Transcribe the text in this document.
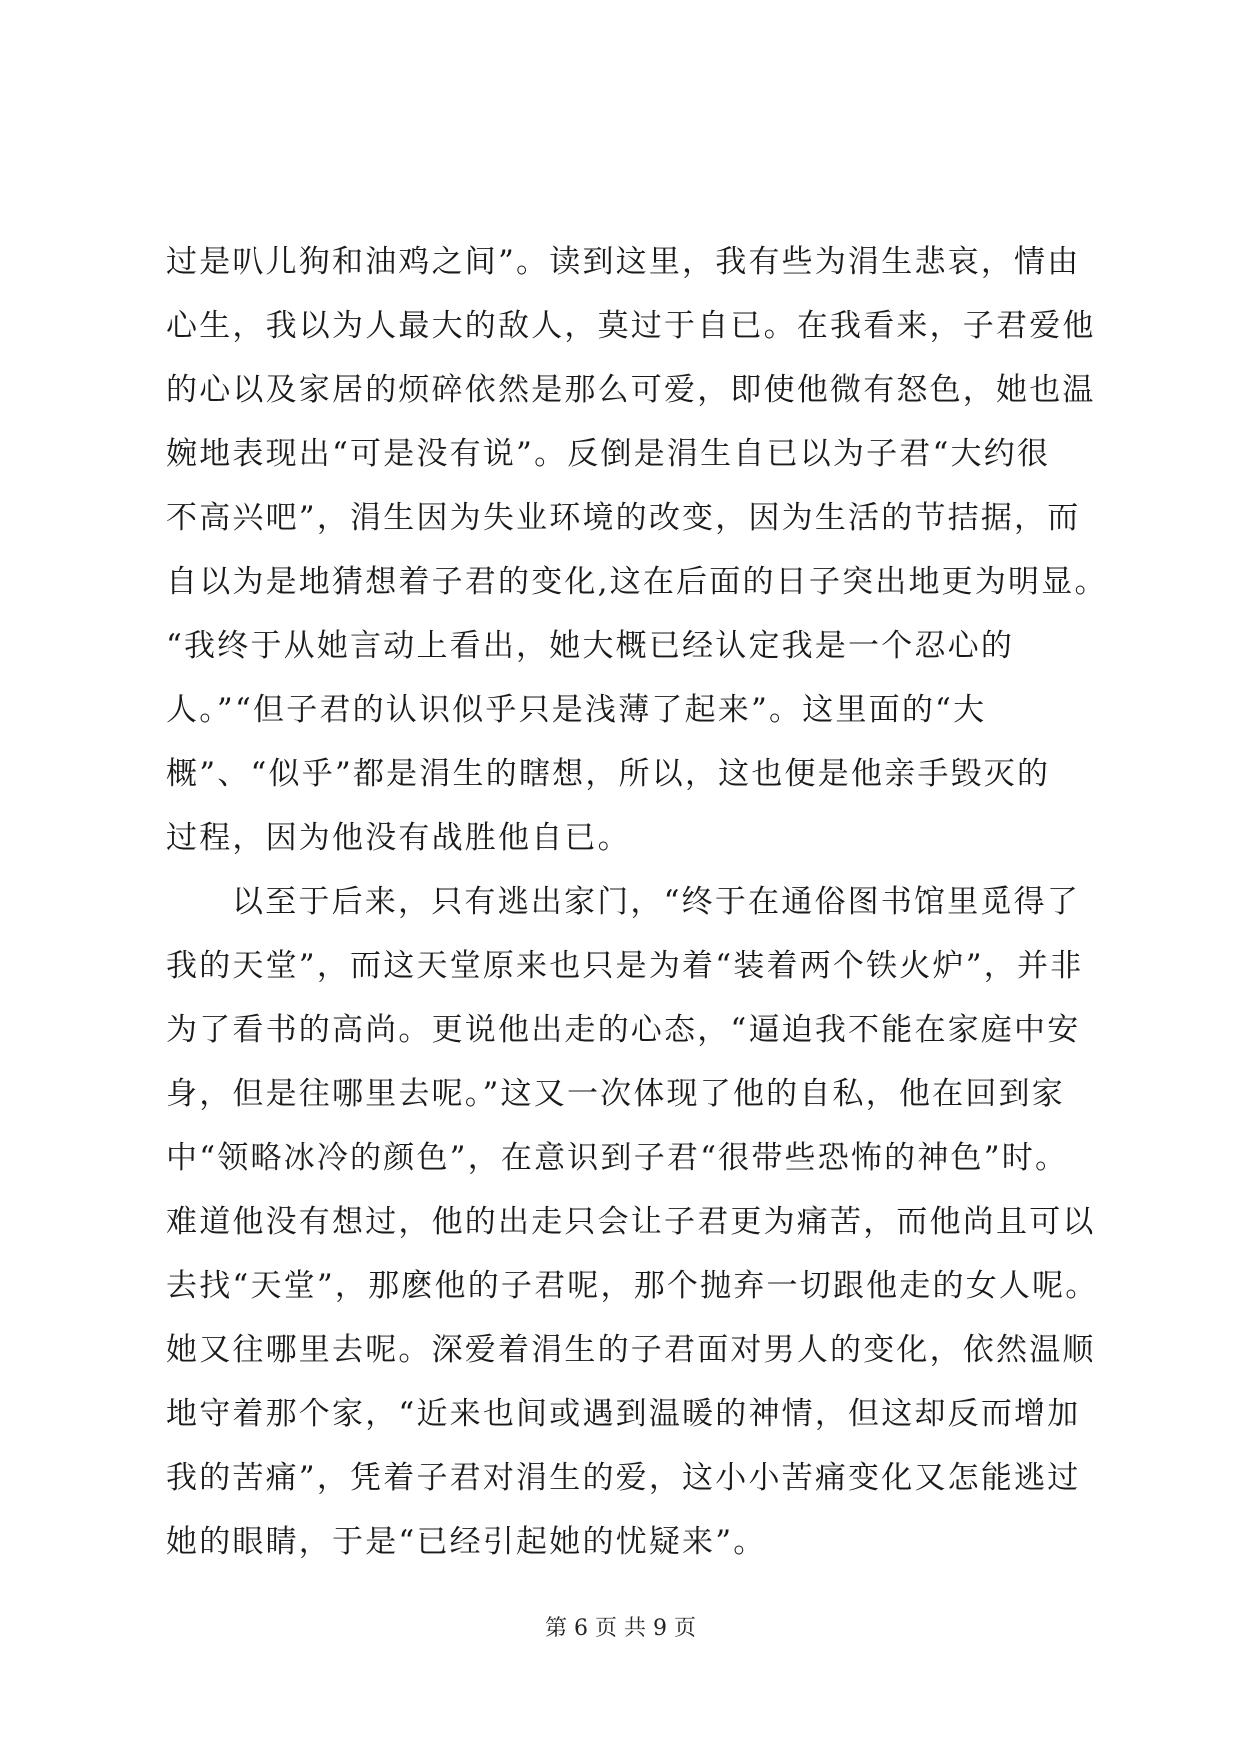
过是叭儿狗和油鸡之间”。读到这里，我有些为涓生悲哀，情由
心生，我以为人最大的敌人，莫过于自已。在我看来，子君爱他
的心以及家居的烦碎依然是那么可爱，即使他微有怒色，她也温
婉地表现出“可是没有说”。反倒是涓生自已以为子君“大约很
不高兴吧”，涓生因为失业环境的改变，因为生活的节拮据，而
自以为是地猜想着子君的变化,这在后面的日子突出地更为明显。
“我终于从她言动上看出，她大概已经认定我是一个忍心的
人。”“但子君的认识似乎只是浅薄了起来”。这里面的“大
概”、“似乎”都是涓生的瞎想，所以，这也便是他亲手毁灭的
过程，因为他没有战胜他自已。
以至于后来，只有逃出家门，“终于在通俗图书馆里觅得了
我的天堂”，而这天堂原来也只是为着“装着两个铁火炉”，并非
为了看书的高尚。更说他出走的心态，“逼迫我不能在家庭中安
身，但是往哪里去呢。”这又一次体现了他的自私，他在回到家
中“领略冰冷的颜色”，在意识到子君“很带些恐怖的神色”时。
难道他没有想过，他的出走只会让子君更为痛苦，而他尚且可以
去找“天堂”，那麽他的子君呢，那个抛弃一切跟他走的女人呢。
她又往哪里去呢。深爱着涓生的子君面对男人的变化，依然温顺
地守着那个家，“近来也间或遇到温暖的神情，但这却反而增加
我的苦痛”，凭着子君对涓生的爱，这小小苦痛变化又怎能逃过
她的眼睛，于是“已经引起她的忧疑来”。
第 6 页 共 9 页
